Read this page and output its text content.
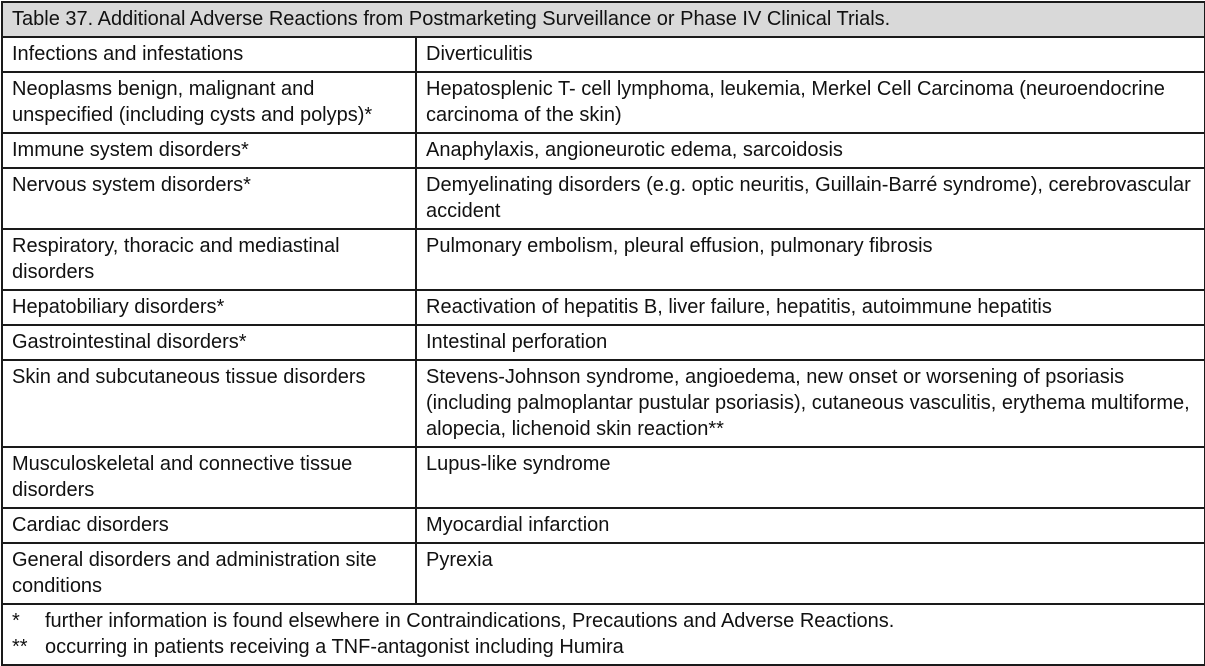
Table 37. Additional Adverse Reactions from Postmarketing Surveillance or Phase IV Clinical Trials.	
Infections and infestations	Diverticulitis
Neoplasms benign, malignant and unspecified (including cysts and polyps)*	Hepatosplenic T- cell lymphoma, leukemia, Merkel Cell Carcinoma (neuroendocrine carcinoma of the skin)
Immune system disorders*	Anaphylaxis, angioneurotic edema, sarcoidosis
Nervous system disorders*	Demyelinating disorders (e.g. optic neuritis, Guillain-Barré syndrome), cerebrovascular accident
Respiratory, thoracic and mediastinal disorders	Pulmonary embolism, pleural effusion, pulmonary fibrosis
Hepatobiliary disorders*	Reactivation of hepatitis B, liver failure, hepatitis, autoimmune hepatitis
Gastrointestinal disorders*	Intestinal perforation
Skin and subcutaneous tissue disorders	Stevens-Johnson syndrome, angioedema, new onset or worsening of psoriasis (including palmoplantar pustular psoriasis), cutaneous vasculitis, erythema multiforme, alopecia, lichenoid skin reaction**
Musculoskeletal and connective tissue disorders	Lupus-like syndrome
Cardiac disorders	Myocardial infarction
General disorders and administration site conditions	Pyrexia

* further information is found elsewhere in Contraindications, Precautions and Adverse Reactions.
** occurring in patients receiving a TNF-antagonist including Humira	
